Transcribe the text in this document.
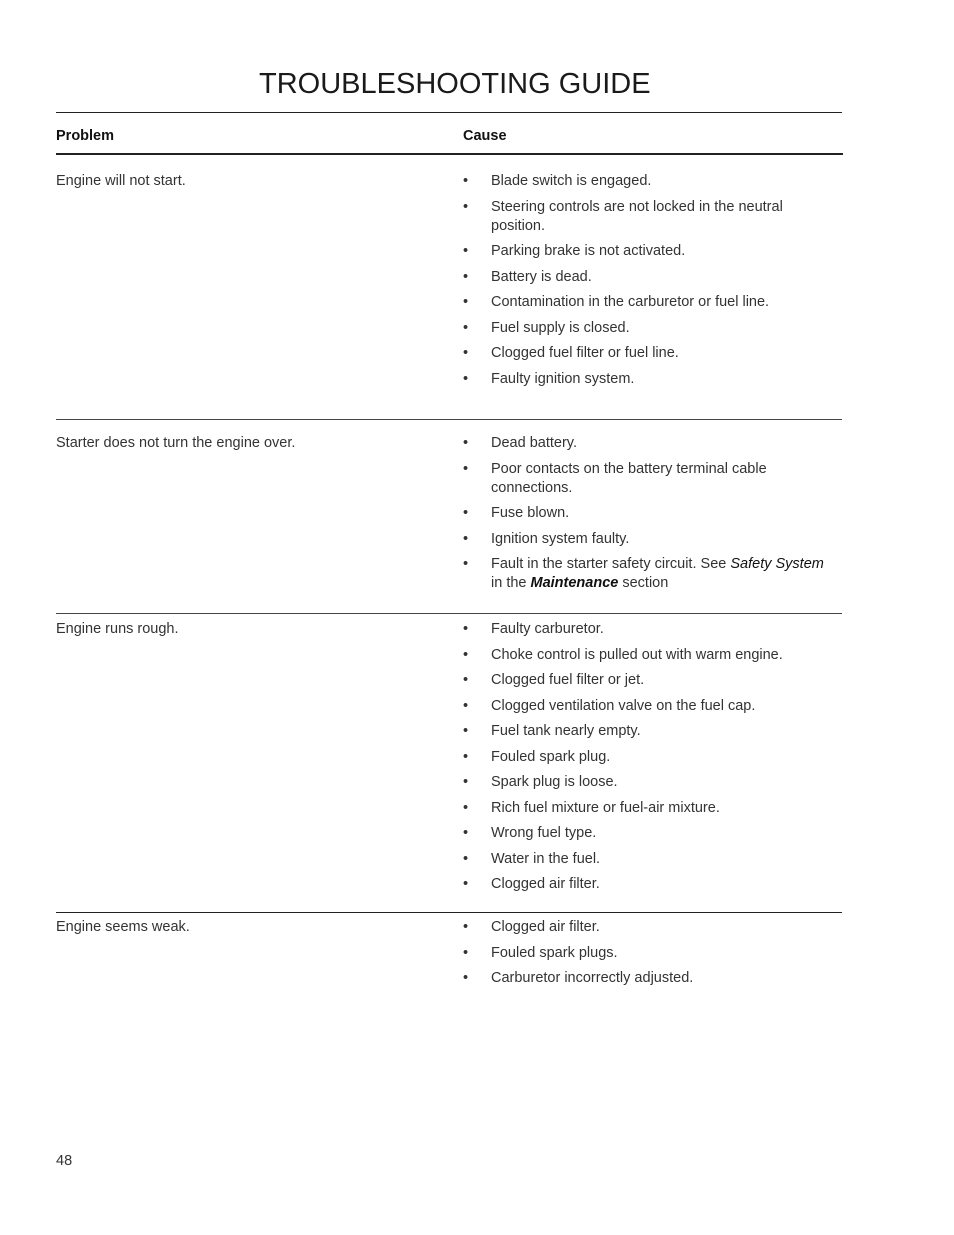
TROUBLESHOOTING GUIDE
Problem	Cause
Engine will not start.	• Blade switch is engaged.
• Steering controls are not locked in the neutral position.
• Parking brake is not activated.
• Battery is dead.
• Contamination in the carburetor or fuel line.
• Fuel supply is closed.
• Clogged fuel filter or fuel line.
• Faulty ignition system.
Starter does not turn the engine over.	• Dead battery.
• Poor contacts on the battery terminal cable connections.
• Fuse blown.
• Ignition system faulty.
• Fault in the starter safety circuit. See Safety System in the Maintenance section
Engine runs rough.	• Faulty carburetor.
• Choke control is pulled out with warm engine.
• Clogged fuel filter or jet.
• Clogged ventilation valve on the fuel cap.
• Fuel tank nearly empty.
• Fouled spark plug.
• Spark plug is loose.
• Rich fuel mixture or fuel-air mixture.
• Wrong fuel type.
• Water in the fuel.
• Clogged air filter.
Engine seems weak.	• Clogged air filter.
• Fouled spark plugs.
• Carburetor incorrectly adjusted.
48
